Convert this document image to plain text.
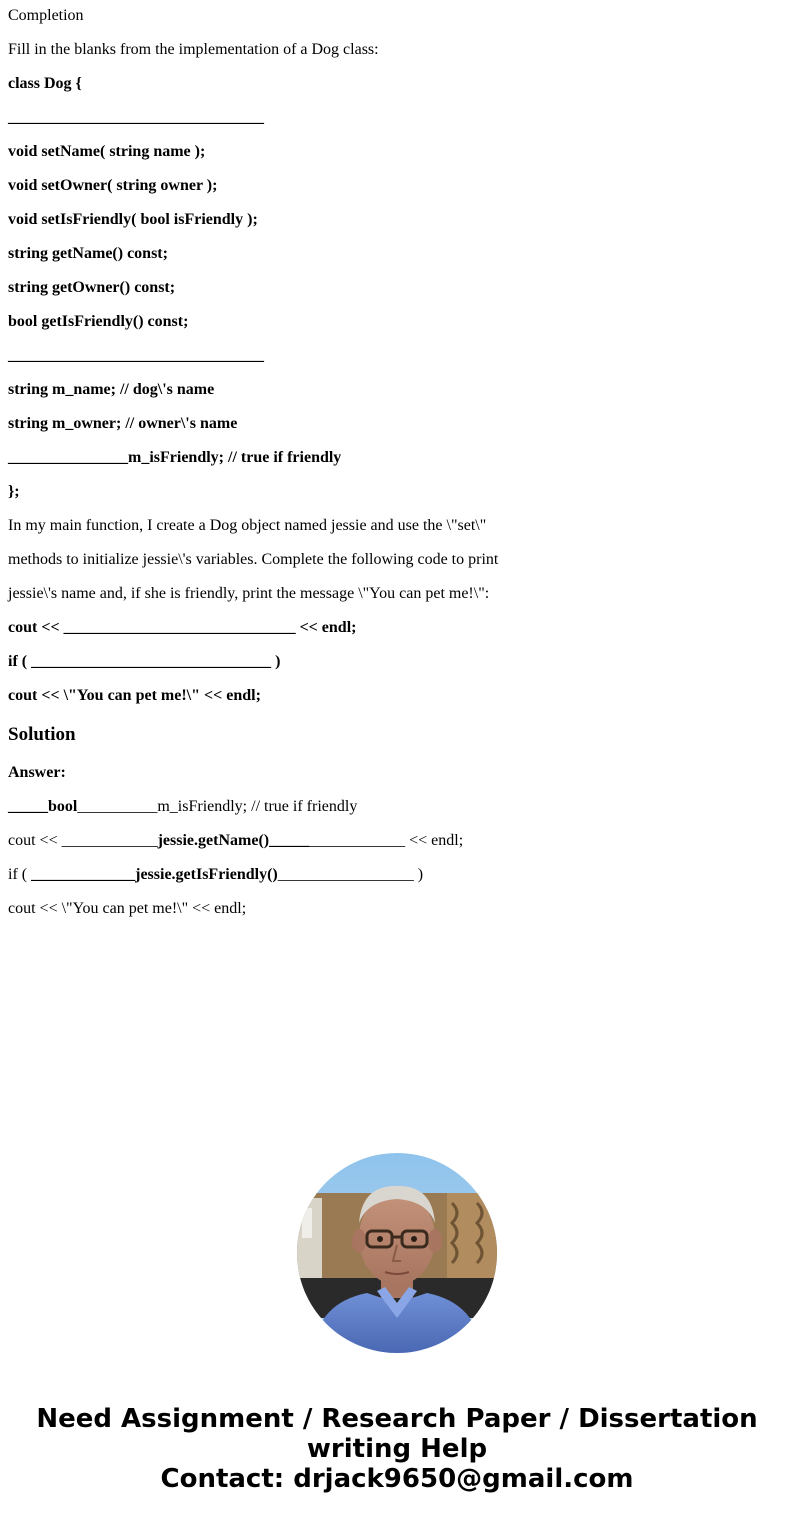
Completion
Fill in the blanks from the implementation of a Dog class:
class Dog {
________________________________
void setName( string name );
void setOwner( string owner );
void setIsFriendly( bool isFriendly );
string getName() const;
string getOwner() const;
bool getIsFriendly() const;
________________________________
string m_name; // dog\'s name
string m_owner; // owner\'s name
_______________m_isFriendly; // true if friendly
};
In my main function, I create a Dog object named jessie and use the \"set\"
methods to initialize jessie\'s variables. Complete the following code to print
jessie\'s name and, if she is friendly, print the message \"You can pet me!\":
cout << _____________________________ << endl;
if ( ______________________________ )
cout << \"You can pet me!\" << endl;
Solution
Answer:
_____bool__________m_isFriendly; // true if friendly
cout << ____________jessie.getName()_________________ << endl;
if ( _____________jessie.getIsFriendly()_________________ )
cout << \"You can pet me!\" << endl;
Need Assignment / Research Paper / Dissertation
writing Help
Contact: drjack9650@gmail.com
